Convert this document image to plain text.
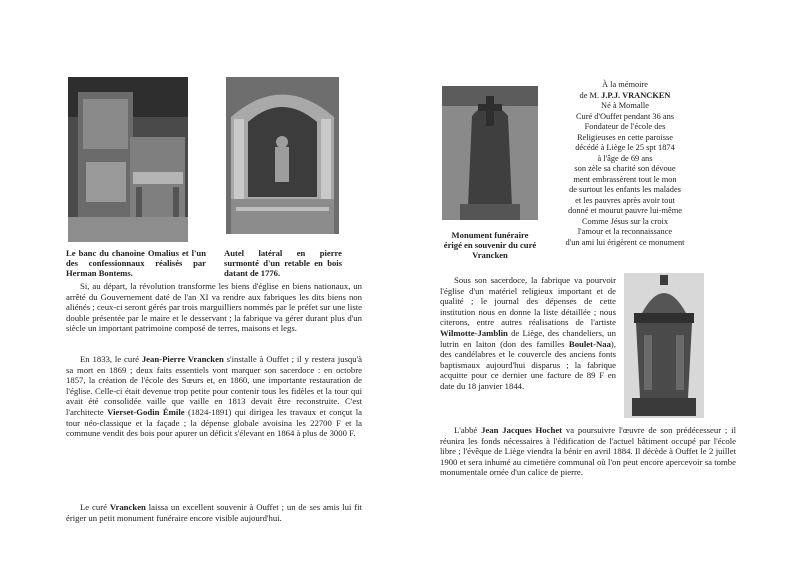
Le banc du chanoine Omalius et l'un des confessionnaux réalisés par Herman Bontems.
Autel latéral en pierre surmonté d'un retable en bois datant de 1776.

Si, au départ, la révolution transforme les biens d'église en biens nationaux, un arrêté du Gouvernement daté de l'an XI va rendre aux fabriques les dits biens non aliénés ; ceux-ci seront gérés par trois marguilliers nommés par le préfet sur une liste double présentée par le maire et le desservant ; la fabrique va gérer durant plus d'un siècle un important patrimoine composé de terres, maisons et legs.

En 1833, le curé Jean-Pierre Vrancken s'installe à Ouffet ; il y restera jusqu'à sa mort en 1869 ; deux faits essentiels vont marquer son sacerdoce : en octobre 1857, la création de l'école des Sœurs et, en 1860, une importante restauration de l'église. Celle-ci était devenue trop petite pour contenir tous les fidèles et la tour qui avait été consolidée vaille que vaille en 1813 devait être reconstruite. C'est l'architecte Vierset-Godin Émile (1824-1891) qui dirigea les travaux et conçut la tour néo-classique et la façade ; la dépense globale avoisina les 22700 F et la commune vendit des bois pour apurer un déficit s'élevant en 1864 à plus de 3000 F.

Le curé Vrancken laissa un excellent souvenir à Ouffet ; un de ses amis lui fit ériger un petit monument funéraire encore visible aujourd'hui.

Monument funéraire érigé en souvenir du curé Vrancken
À la mémoire
de M. J.P.J. VRANCKEN
Né à Momalle
Curé d'Ouffet pendant 36 ans
Fondateur de l'école des
Religieuses en cette paroisse
décédé à Liège le 25 spt 1874
à l'âge de 69 ans
son zèle sa charité son dévoue
ment embrassèrent tout le mon
de surtout les enfants les malades
et les pauvres après avoir tout
donné et mourut pauvre lui-même
Comme Jésus sur la croix
l'amour et la reconnaissance
d'un ami lui érigèrent ce monument

Sous son sacerdoce, la fabrique va pourvoir l'église d'un matériel religieux important et de qualité ; le journal des dépenses de cette institution nous en donne la liste détaillée ; nous citerons, entre autres réalisations de l'artiste Wilmotte-Jamblin de Liège, des chandeliers, un lutrin en laiton (don des familles Boulet-Naa), des candélabres et le couvercle des anciens fonts baptismaux aujourd'hui disparus ; la fabrique acquitte pour ce dernier une facture de 89 F en date du 18 janvier 1844.

L'abbé Jean Jacques Hochet va poursuivre l'œuvre de son prédécesseur ; il réunira les fonds nécessaires à l'édification de l'actuel bâtiment occupé par l'école libre ; l'évêque de Liège viendra la bénir en avril 1884. Il décède à Ouffet le 2 juillet 1900 et sera inhumé au cimetière communal où l'on peut encore apercevoir sa tombe monumentale ornée d'un calice de pierre.
